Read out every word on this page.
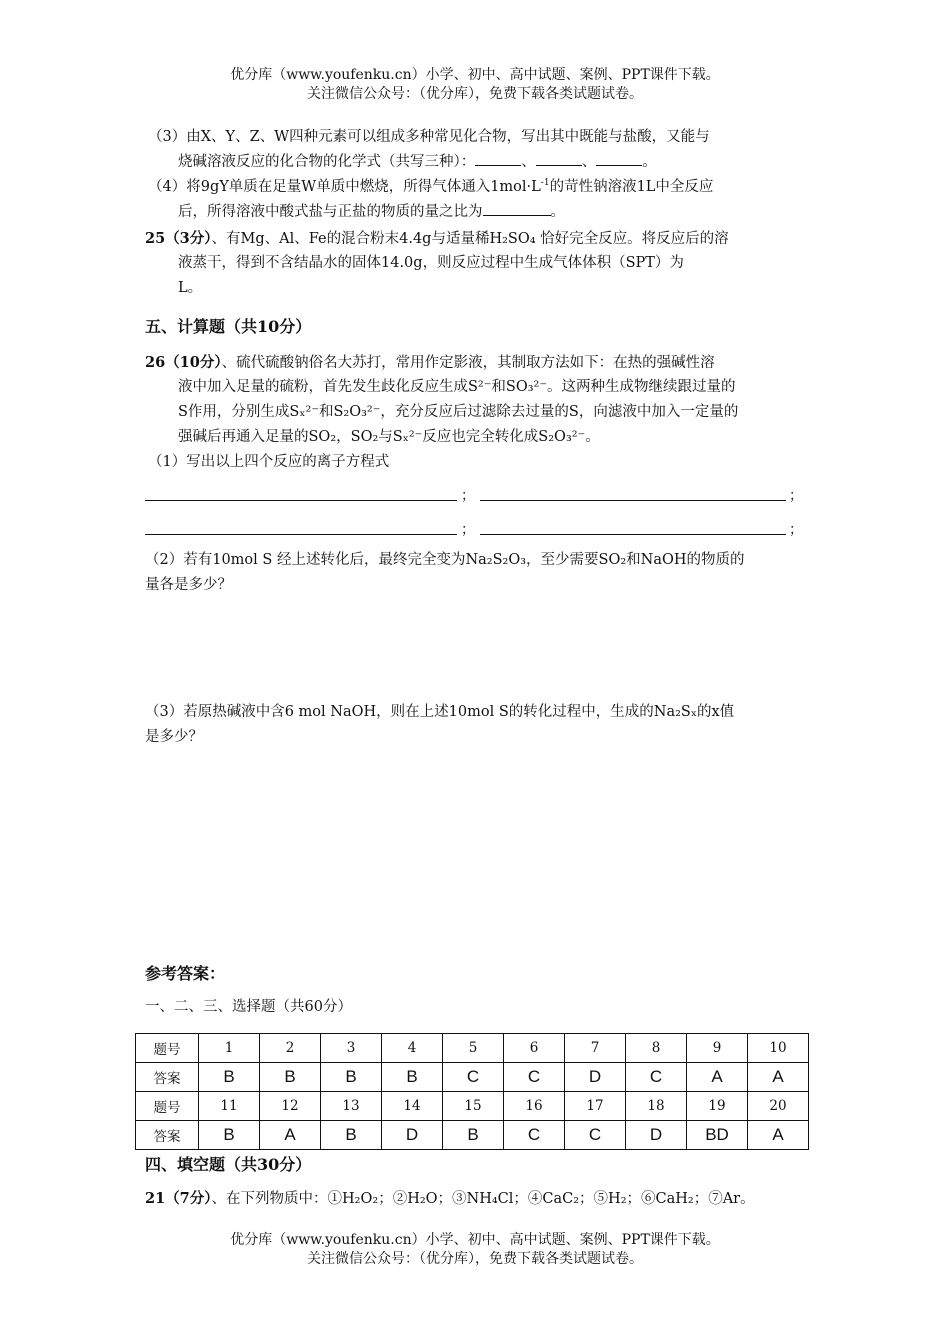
优分库（www.youfenku.cn）小学、初中、高中试题、案例、PPT课件下载。
关注微信公众号：（优分库），免费下载各类试题试卷。
（3）由X、Y、Z、W四种元素可以组成多种常见化合物，写出其中既能与盐酸，又能与
烧碱溶液反应的化合物的化学式（共写三种）：	、	、	。
（4）将9gY单质在足量W单质中燃烧，所得气体通入$1mol\cdot L^{-1}$的苛性钠溶液1L中全反应
后，所得溶液中酸式盐与正盐的物质的量之比为	。
25（3分）、有Mg、Al、Fe的混合粉末4.4g与适量稀H₂SO₄ 恰好完全反应。将反应后的溶
液蒸干，得到不含结晶水的固体14.0g，则反应过程中生成气体体积（SPT）为
L。
五、计算题（共10分）
26（10分）、硫代硫酸钠俗名大苏打，常用作定影液，其制取方法如下：在热的强碱性溶
液中加入足量的硫粉，首先发生歧化反应生成S²⁻和SO₃²⁻。这两种生成物继续跟过量的
S作用，分别生成Sₓ²⁻和S₂O₃²⁻，充分反应后过滤除去过量的S，向滤液中加入一定量的
强碱后再通入足量的SO₂，SO₂与Sₓ²⁻反应也完全转化成S₂O₃²⁻。
（1）写出以上四个反应的离子方程式
；	；
；	；
（2）若有10mol S 经上述转化后，最终完全变为Na₂S₂O₃，至少需要SO₂和NaOH的物质的
量各是多少？
（3）若原热碱液中含6 mol NaOH，则在上述10mol S的转化过程中，生成的Na₂Sₓ的x值
是多少？
参考答案：
一、二、三、选择题（共60分）
题号	1	2	3	4	5	6	7	8	9	10
答案	B	B	B	B	C	C	D	C	A	A
题号	11	12	13	14	15	16	17	18	19	20
答案	B	A	B	D	B	C	C	D	BD	A
四、填空题（共30分）
21（7分）、在下列物质中：①H₂O₂；②H₂O；③NH₄Cl；④CaC₂；⑤H₂；⑥CaH₂；⑦Ar。
优分库（www.youfenku.cn）小学、初中、高中试题、案例、PPT课件下载。
关注微信公众号：（优分库），免费下载各类试题试卷。
